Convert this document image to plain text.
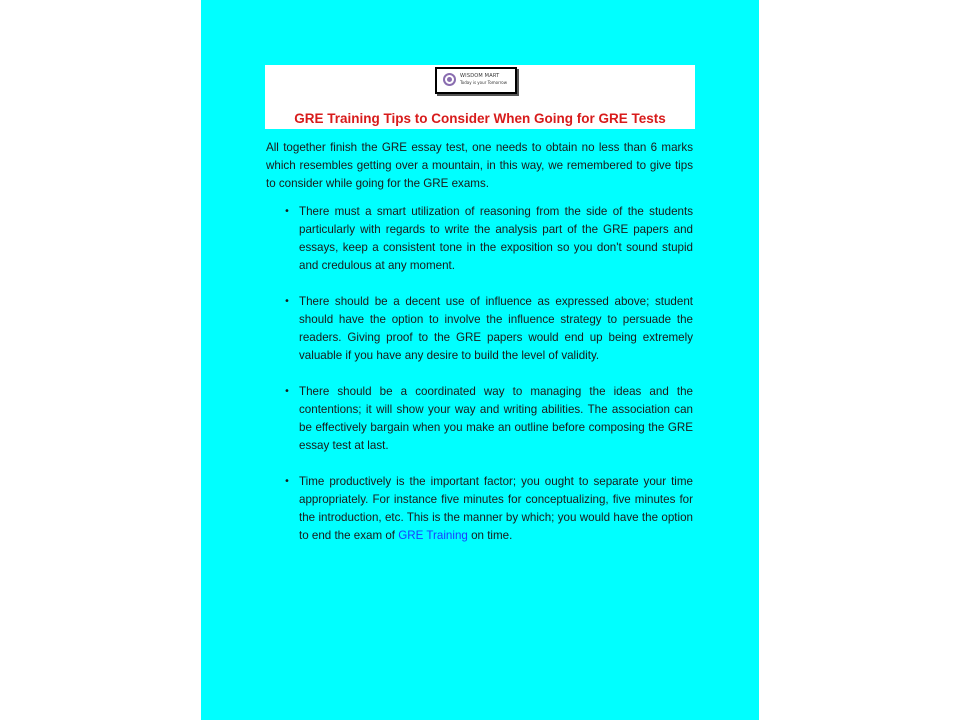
WISDOM MART
Today is your Tomorrow
GRE Training Tips to Consider When Going for GRE Tests

All together finish the GRE essay test, one needs to obtain no less than 6 marks which resembles getting over a mountain, in this way, we remembered to give tips to consider while going for the GRE exams.

• There must a smart utilization of reasoning from the side of the students particularly with regards to write the analysis part of the GRE papers and essays, keep a consistent tone in the exposition so you don't sound stupid and credulous at any moment.
• There should be a decent use of influence as expressed above; student should have the option to involve the influence strategy to persuade the readers. Giving proof to the GRE papers would end up being extremely valuable if you have any desire to build the level of validity.
• There should be a coordinated way to managing the ideas and the contentions; it will show your way and writing abilities. The association can be effectively bargain when you make an outline before composing the GRE essay test at last.
• Time productively is the important factor; you ought to separate your time appropriately. For instance five minutes for conceptualizing, five minutes for the introduction, etc. This is the manner by which; you would have the option to end the exam of GRE Training on time.
